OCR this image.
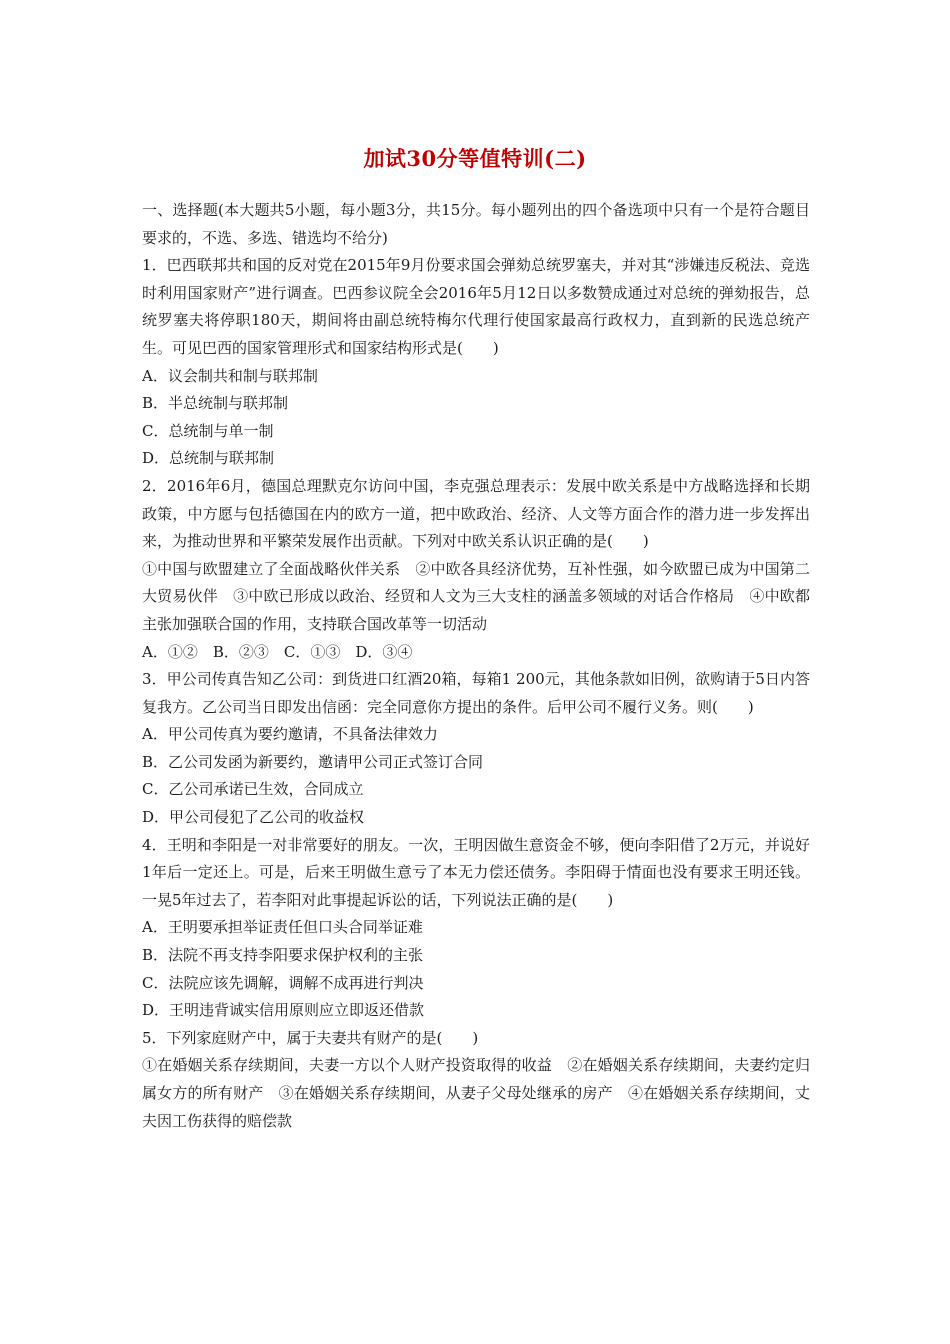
加试30分等值特训(二)

一、选择题(本大题共5小题，每小题3分，共15分。每小题列出的四个备选项中只有一个是符合题目要求的，不选、多选、错选均不给分)

1．巴西联邦共和国的反对党在2015年9月份要求国会弹劾总统罗塞夫，并对其“涉嫌违反税法、竞选时利用国家财产”进行调查。巴西参议院全会2016年5月12日以多数赞成通过对总统的弹劾报告，总统罗塞夫将停职180天，期间将由副总统特梅尔代理行使国家最高行政权力，直到新的民选总统产生。可见巴西的国家管理形式和国家结构形式是(　　)

A．议会制共和制与联邦制

B．半总统制与联邦制

C．总统制与单一制

D．总统制与联邦制

2．2016年6月，德国总理默克尔访问中国，李克强总理表示：发展中欧关系是中方战略选择和长期政策，中方愿与包括德国在内的欧方一道，把中欧政治、经济、人文等方面合作的潜力进一步发挥出来，为推动世界和平繁荣发展作出贡献。下列对中欧关系认识正确的是(　　)

①中国与欧盟建立了全面战略伙伴关系　②中欧各具经济优势，互补性强，如今欧盟已成为中国第二大贸易伙伴　③中欧已形成以政治、经贸和人文为三大支柱的涵盖多领域的对话合作格局　④中欧都主张加强联合国的作用，支持联合国改革等一切活动

A．①②　B．②③　C．①③　D．③④

3．甲公司传真告知乙公司：到货进口红酒20箱，每箱1 200元，其他条款如旧例，欲购请于5日内答复我方。乙公司当日即发出信函：完全同意你方提出的条件。后甲公司不履行义务。则(　　)

A．甲公司传真为要约邀请，不具备法律效力

B．乙公司发函为新要约，邀请甲公司正式签订合同

C．乙公司承诺已生效，合同成立

D．甲公司侵犯了乙公司的收益权

4．王明和李阳是一对非常要好的朋友。一次，王明因做生意资金不够，便向李阳借了2万元，并说好1年后一定还上。可是，后来王明做生意亏了本无力偿还债务。李阳碍于情面也没有要求王明还钱。一晃5年过去了，若李阳对此事提起诉讼的话，下列说法正确的是(　　)

A．王明要承担举证责任但口头合同举证难

B．法院不再支持李阳要求保护权利的主张

C．法院应该先调解，调解不成再进行判决

D．王明违背诚实信用原则应立即返还借款

5．下列家庭财产中，属于夫妻共有财产的是(　　)

①在婚姻关系存续期间，夫妻一方以个人财产投资取得的收益　②在婚姻关系存续期间，夫妻约定归属女方的所有财产　③在婚姻关系存续期间，从妻子父母处继承的房产　④在婚姻关系存续期间，丈夫因工伤获得的赔偿款
